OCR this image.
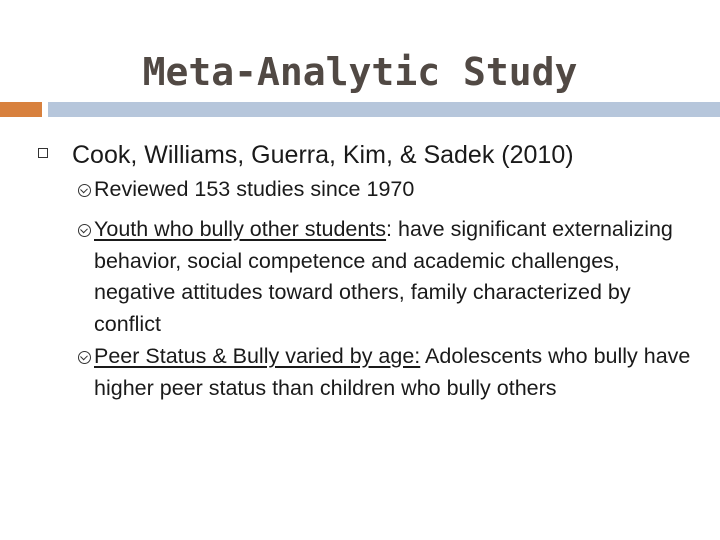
Meta-Analytic Study
Cook, Williams, Guerra, Kim, & Sadek (2010)
Reviewed 153 studies since 1970
Youth who bully other students: have significant externalizing behavior, social competence and academic challenges, negative attitudes toward others, family characterized by conflict
Peer Status & Bully varied by age: Adolescents who bully have higher peer status than children who bully others
